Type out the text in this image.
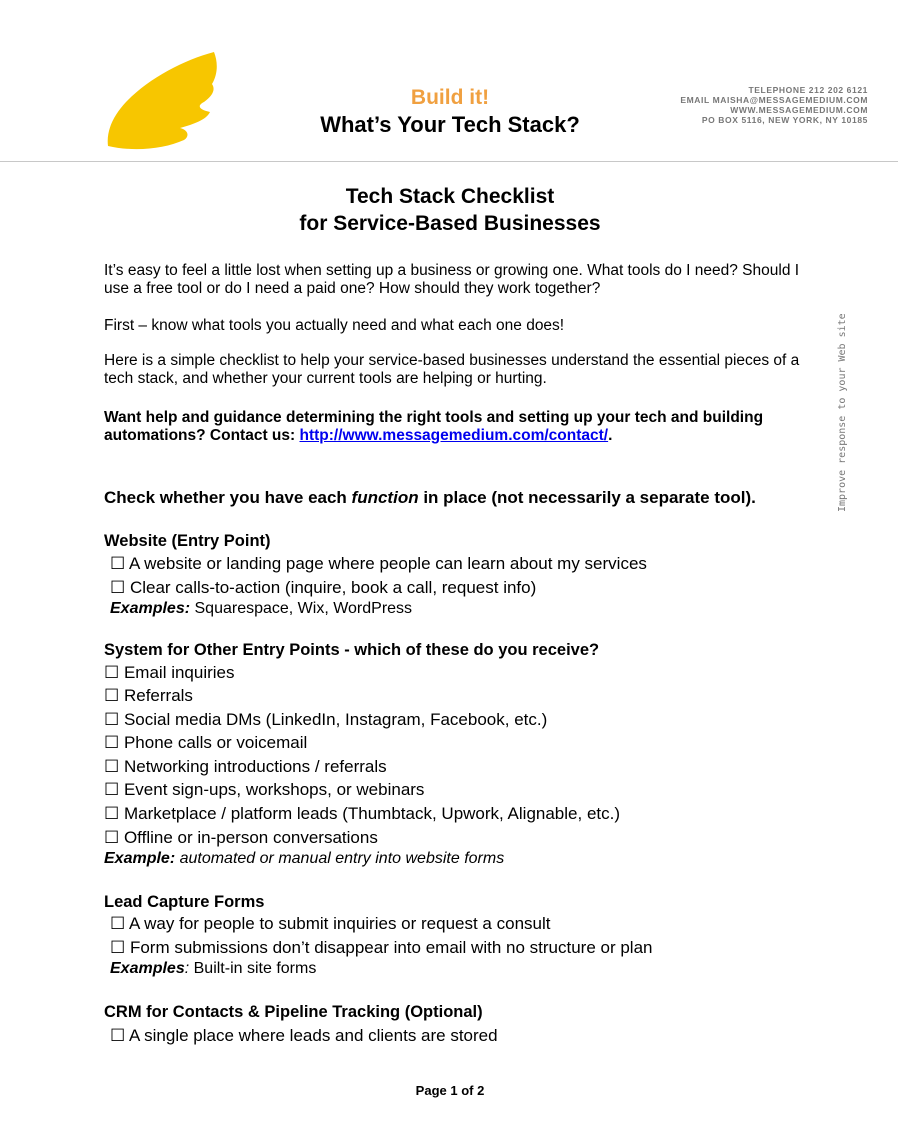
Build it!
What’s Your Tech Stack?
TELEPHONE 212 202 6121
EMAIL MAISHA@MESSAGEMEDIUM.COM
WWW.MESSAGEMEDIUM.COM
PO BOX 5116, NEW YORK, NY 10185
Tech Stack Checklist
for Service-Based Businesses
It’s easy to feel a little lost when setting up a business or growing one. What tools do I need? Should I use a free tool or do I need a paid one? How should they work together?
First – know what tools you actually need and what each one does!
Here is a simple checklist to help your service-based businesses understand the essential pieces of a tech stack, and whether your current tools are helping or hurting.
Want help and guidance determining the right tools and setting up your tech and building automations? Contact us: http://www.messagemedium.com/contact/.
Check whether you have each function in place (not necessarily a separate tool).
Website (Entry Point)
☐ A website or landing page where people can learn about my services
☐ Clear calls-to-action (inquire, book a call, request info)
Examples: Squarespace, Wix, WordPress
System for Other Entry Points - which of these do you receive?
☐ Email inquiries
☐ Referrals
☐ Social media DMs (LinkedIn, Instagram, Facebook, etc.)
☐ Phone calls or voicemail
☐ Networking introductions / referrals
☐ Event sign-ups, workshops, or webinars
☐ Marketplace / platform leads (Thumbtack, Upwork, Alignable, etc.)
☐ Offline or in-person conversations
Example: automated or manual entry into website forms
Lead Capture Forms
☐ A way for people to submit inquiries or request a consult
☐ Form submissions don’t disappear into email with no structure or plan
Examples: Built-in site forms
CRM for Contacts & Pipeline Tracking (Optional)
☐ A single place where leads and clients are stored
Improve response to your Web site
Page 1 of 2
